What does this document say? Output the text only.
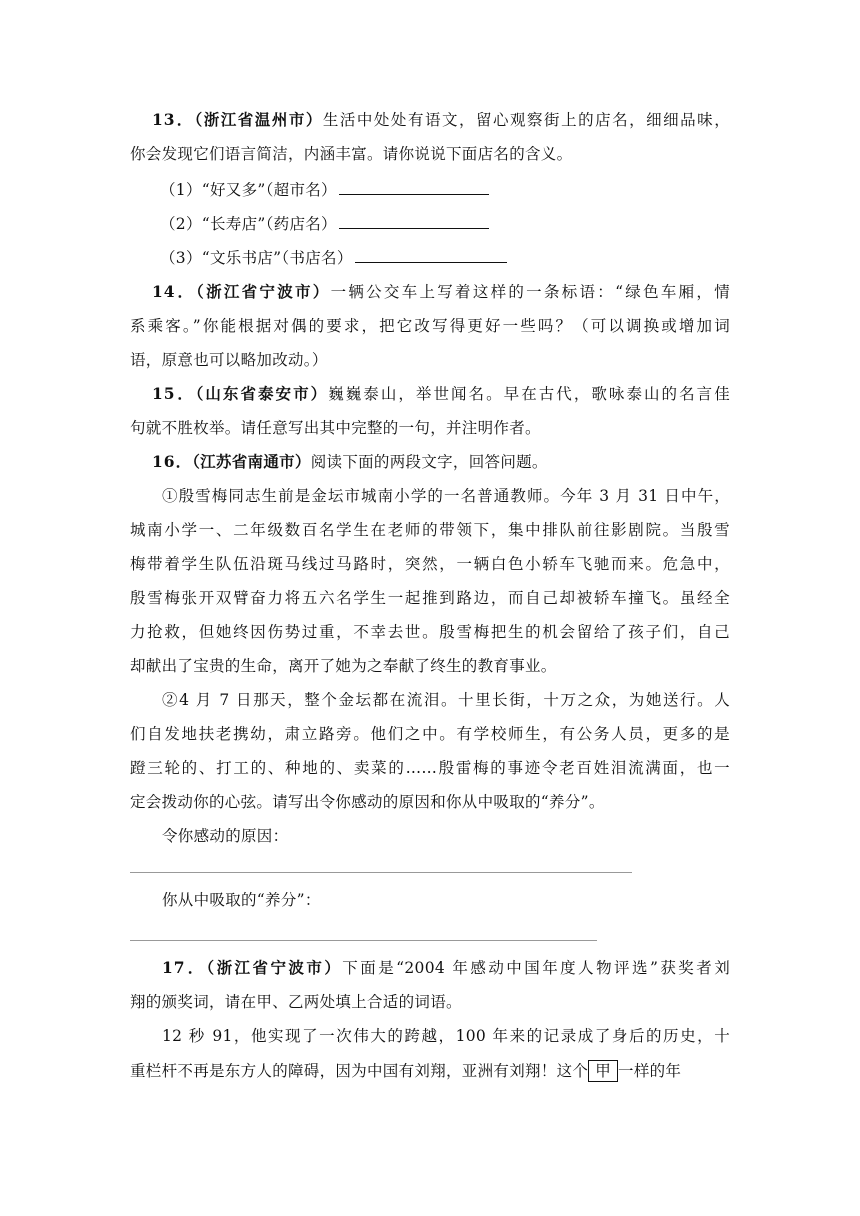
13．（浙江省温州市）生活中处处有语文，留心观察街上的店名，细细品味，
你会发现它们语言简洁，内涵丰富。请你说说下面店名的含义。
（1）“好又多”（超市名）
（2）“长寿店”（药店名）
（3）“文乐书店”（书店名）
14．（浙江省宁波市）一辆公交车上写着这样的一条标语：“绿色车厢，情
系乘客。”你能根据对偶的要求，把它改写得更好一些吗？（可以调换或增加词
语，原意也可以略加改动。）
15．（山东省泰安市）巍巍泰山，举世闻名。早在古代，歌咏泰山的名言佳
句就不胜枚举。请任意写出其中完整的一句，并注明作者。
16．（江苏省南通市）阅读下面的两段文字，回答问题。
①殷雪梅同志生前是金坛市城南小学的一名普通教师。今年 3 月 31 日中午，
城南小学一、二年级数百名学生在老师的带领下，集中排队前往影剧院。当殷雪
梅带着学生队伍沿斑马线过马路时，突然，一辆白色小轿车飞驰而来。危急中，
殷雪梅张开双臂奋力将五六名学生一起推到路边，而自己却被轿车撞飞。虽经全
力抢救，但她终因伤势过重，不幸去世。殷雪梅把生的机会留给了孩子们，自己
却献出了宝贵的生命，离开了她为之奉献了终生的教育事业。
②4 月 7 日那天，整个金坛都在流泪。十里长街，十万之众，为她送行。人
们自发地扶老携幼，肃立路旁。他们之中。有学校师生，有公务人员，更多的是
蹬三轮的、打工的、种地的、卖菜的……殷雷梅的事迹令老百姓泪流满面，也一
定会拨动你的心弦。请写出令你感动的原因和你从中吸取的“养分”。
令你感动的原因：
你从中吸取的“养分”：
17．（浙江省宁波市）下面是“2004 年感动中国年度人物评选”获奖者刘
翔的颁奖词，请在甲、乙两处填上合适的词语。
12 秒 91，他实现了一次伟大的跨越，100 年来的记录成了身后的历史，十
重栏杆不再是东方人的障碍，因为中国有刘翔，亚洲有刘翔！这个 甲 一样的年
